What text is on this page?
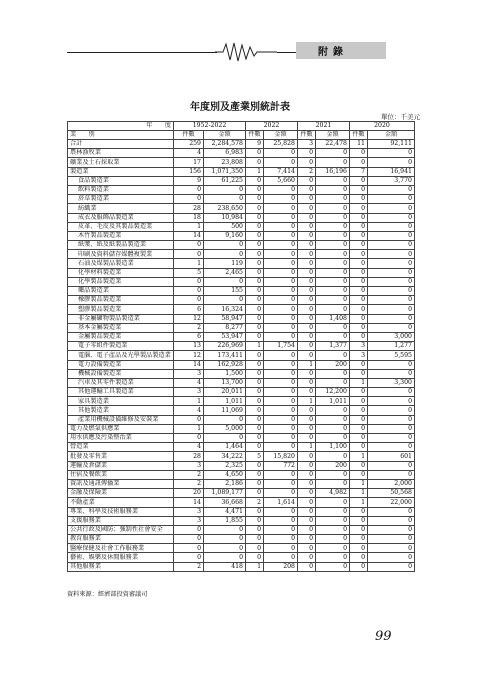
附錄
年度別及產業別統計表
單位：千美元
年　　度	1952-2022		2022		2021		2020	
業　　別	件數	金額	件數	金額	件數	金額	件數	金額
合計	259	2,284,578	9	25,828	3	22,478	11	92,111
農林漁牧業	4	6,983	0	0	0	0	0	0
礦業及土石採取業	17	23,808	0	0	0	0	0	0
製造業	156	1,071,350	1	7,414	2	16,196	7	16,941
食品製造業	9	61,225	0	5,660	0	0	0	3,770
飲料製造業	0	0	0	0	0	0	0	0
菸草製造業	0	0	0	0	0	0	0	0
紡織業	28	238,650	0	0	0	0	0	0
成衣及服飾品製造業	18	10,984	0	0	0	0	0	0
皮革、毛皮及其製品製造業	1	500	0	0	0	0	0	0
木竹製品製造業	14	9,160	0	0	0	0	0	0
紙漿、紙及紙製品製造業	0	0	0	0	0	0	0	0
印刷及資料儲存媒體複製業	0	0	0	0	0	0	0	0
石油及煤製品製造業	1	119	0	0	0	0	0	0
化學材料製造業	5	2,465	0	0	0	0	0	0
化學製品製造業	0	0	0	0	0	0	0	0
藥品製造業	0	155	0	0	0	0	0	0
橡膠製品製造業	0	0	0	0	0	0	0	0
塑膠製品製造業	6	16,324	0	0	0	0	0	0
非金屬礦物製品製造業	12	58,947	0	0	0	1,408	0	0
基本金屬製造業	2	8,277	0	0	0	0	0	0
金屬製品製造業	6	53,947	0	0	0	0	0	3,000
電子零組件製造業	13	226,969	1	1,754	0	1,377	3	1,277
電腦、電子產品及光學製品製造業	12	173,411	0	0	0	0	3	5,595
電力設備製造業	14	162,928	0	0	1	200	0	0
機械設備製造業	3	1,500	0	0	0	0	0	0
汽車及其零件製造業	4	13,700	0	0	0	0	1	3,300
其他運輸工具製造業	3	20,011	0	0	0	12,200	0	0
家具製造業	1	1,011	0	0	1	1,011	0	0
其他製造業	4	11,069	0	0	0	0	0	0
產業用機械設備維修及安裝業	0	0	0	0	0	0	0	0
電力及燃氣供應業	1	5,000	0	0	0	0	0	0
用水供應及污染整治業	0	0	0	0	0	0	0	0
營造業	4	1,464	0	0	1	1,100	0	0
批發及零售業	28	34,222	5	15,820	0	0	1	601
運輸及倉儲業	3	2,325	0	772	0	200	0	0
住宿及餐飲業	2	4,650	0	0	0	0	0	0
資訊及通訊傳播業	2	2,186	0	0	0	0	1	2,000
金融及保險業	20	1,089,177	0	0	0	4,982	1	50,568
不動產業	14	36,668	2	1,614	0	0	1	22,000
專業、科學及技術服務業	3	4,471	0	0	0	0	0	0
支援服務業	3	1,855	0	0	0	0	0	0
公共行政及國防；強制性社會安全	0	0	0	0	0	0	0	0
教育服務業	0	0	0	0	0	0	0	0
醫療保健及社會工作服務業	0	0	0	0	0	0	0	0
藝術、娛樂及休閒服務業	0	0	0	0	0	0	0	0
其他服務業	2	418	1	208	0	0	0	0
資料來源：經濟部投資審議司
99
